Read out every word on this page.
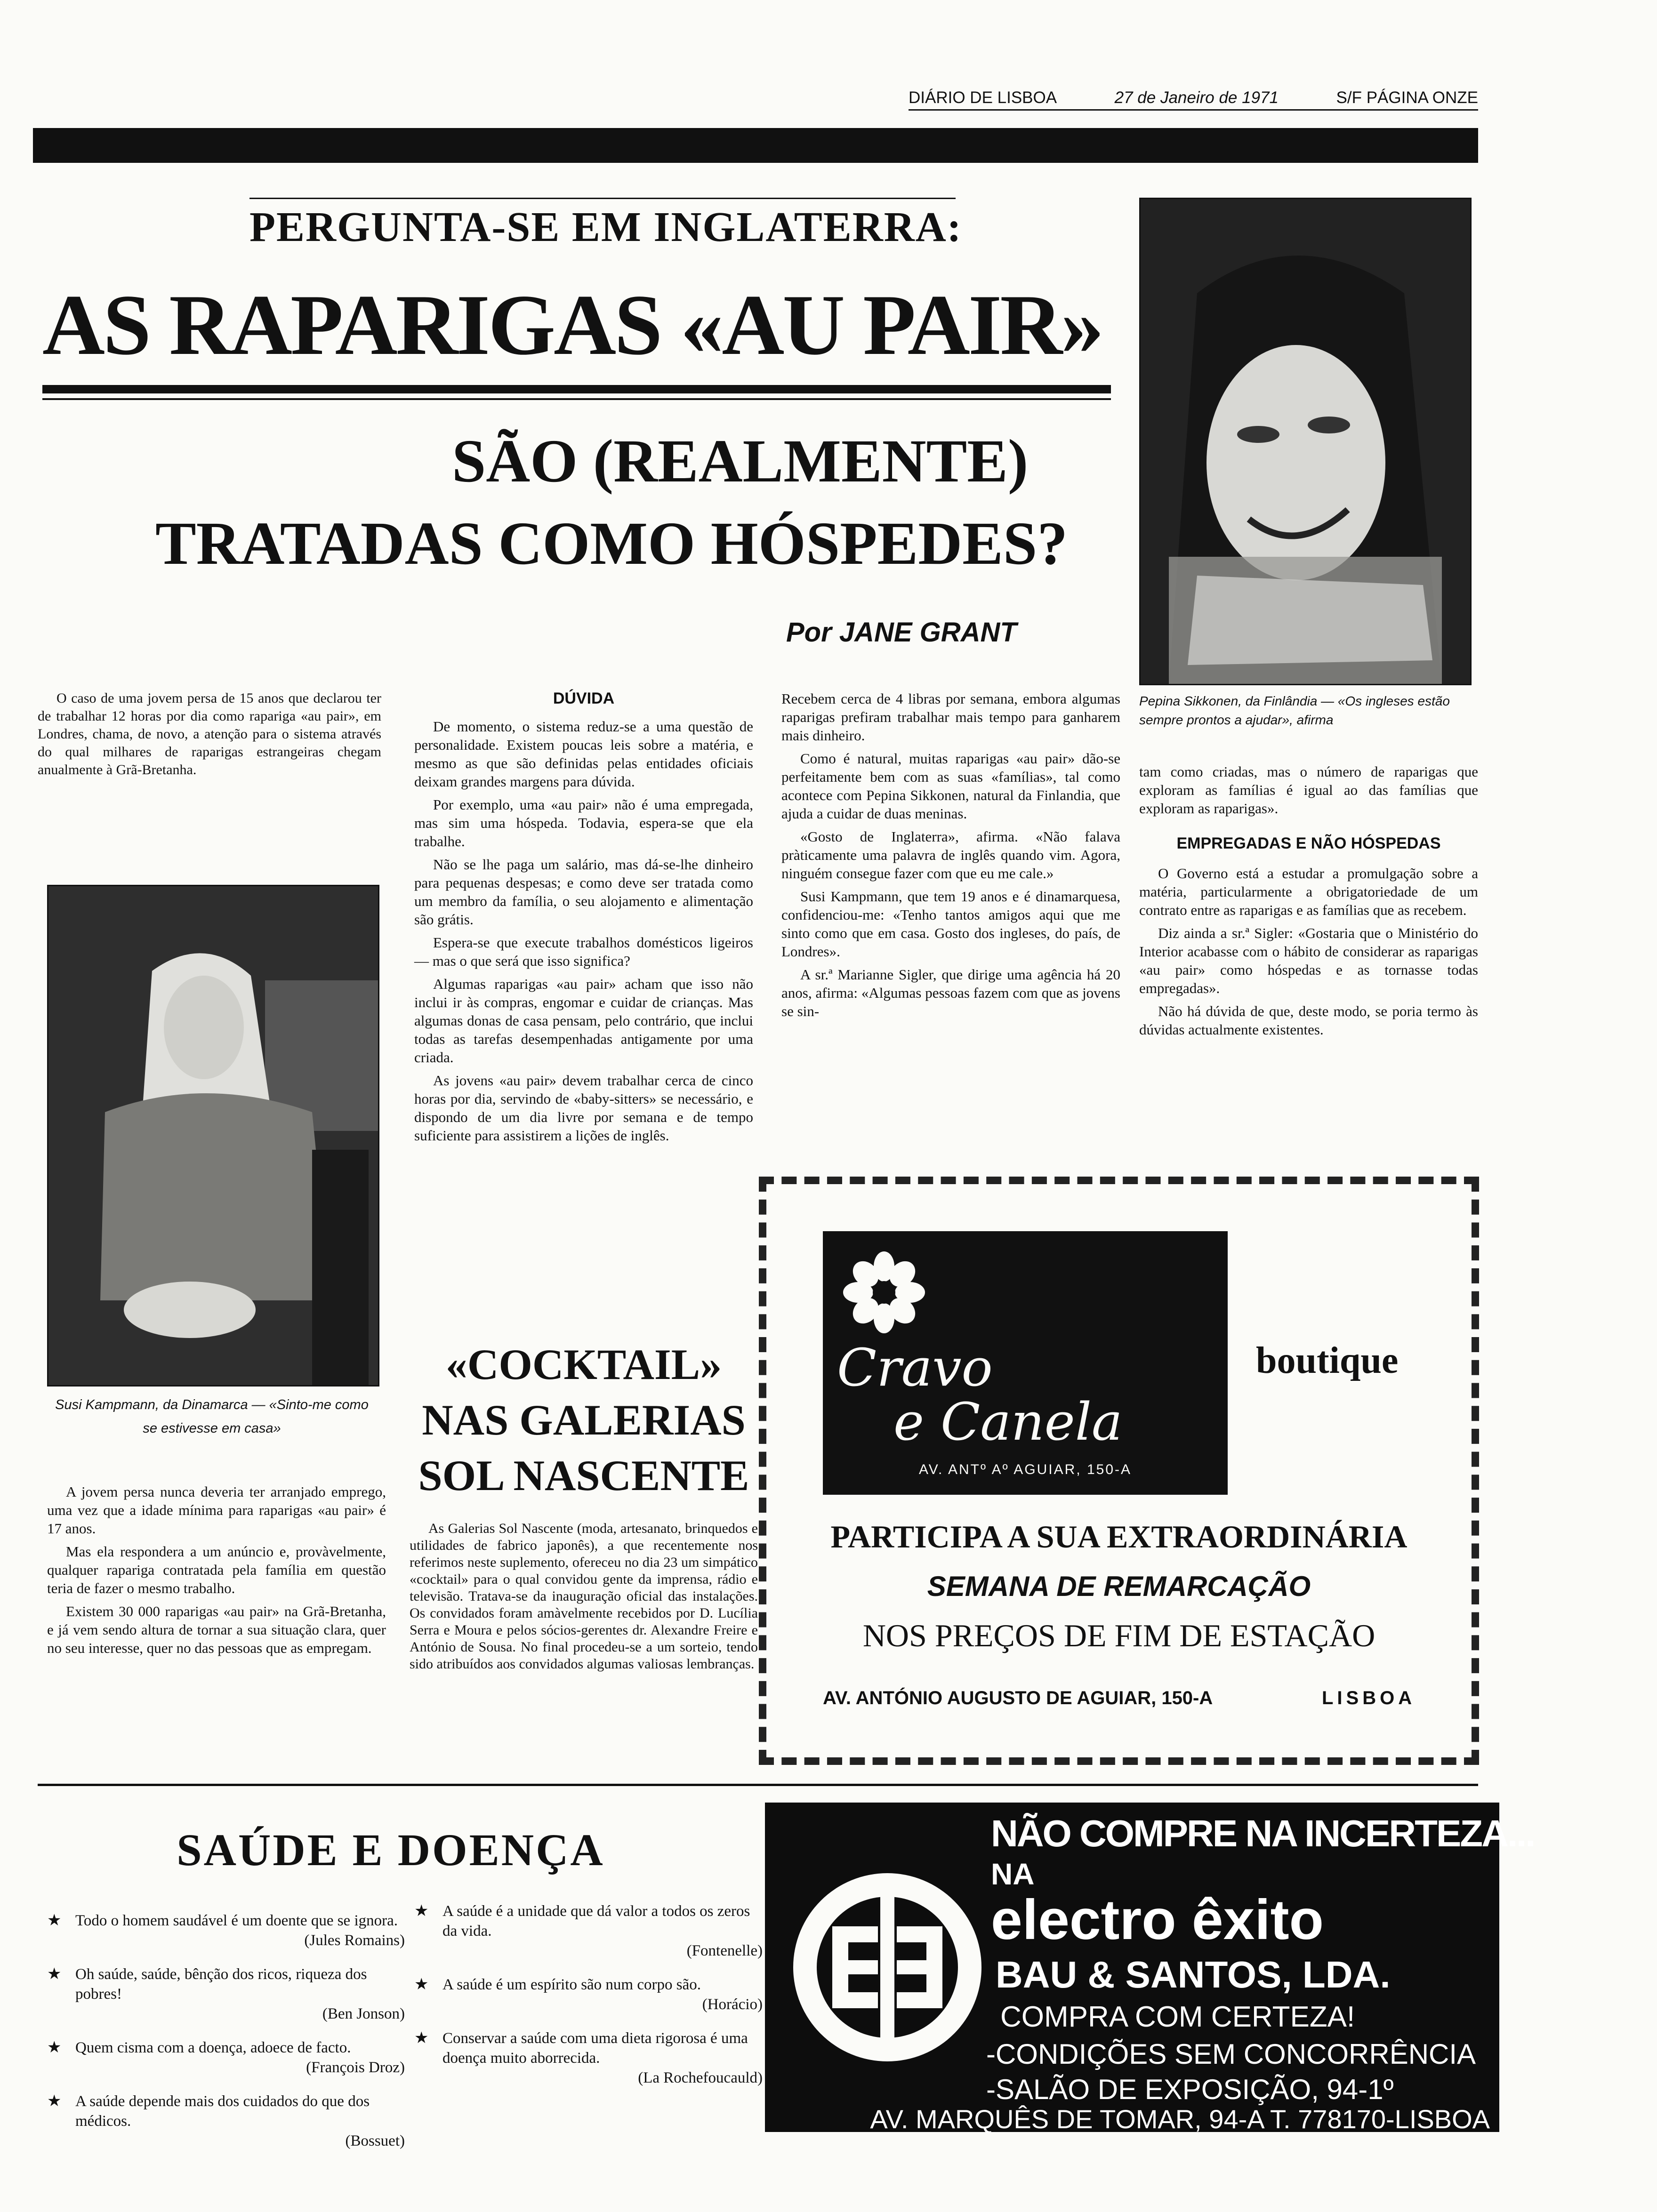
DIÁRIO DE LISBOA	27 de Janeiro de 1971	S/F PÁGINA ONZE
PERGUNTA-SE EM INGLATERRA:
AS RAPARIGAS «AU PAIR»
SÃO (REALMENTE)
TRATADAS COMO HÓSPEDES?
Por JANE GRANT
Pepina Sikkonen, da Finlândia — «Os ingleses estão sempre prontos a ajudar», afirma

O caso de uma jovem persa de 15 anos que declarou ter de trabalhar 12 horas por dia como rapariga «au pair», em Londres, chama, de novo, a atenção para o sistema através do qual milhares de raparigas estrangeiras chegam anualmente à Grã-Bretanha.

Susi Kampmann, da Dinamarca — «Sinto-me como se estivesse em casa»

A jovem persa nunca deveria ter arranjado emprego, uma vez que a idade mínima para raparigas «au pair» é 17 anos.

Mas ela respondera a um anúncio e, provàvelmente, qualquer rapariga contratada pela família em questão teria de fazer o mesmo trabalho.

Existem 30 000 raparigas «au pair» na Grã-Bretanha, e já vem sendo altura de tornar a sua situação clara, quer no seu interesse, quer no das pessoas que as empregam.

DÚVIDA

De momento, o sistema reduz-se a uma questão de personalidade. Existem poucas leis sobre a matéria, e mesmo as que são definidas pelas entidades oficiais deixam grandes margens para dúvida.

Por exemplo, uma «au pair» não é uma empregada, mas sim uma hóspeda. Todavia, espera-se que ela trabalhe.

Não se lhe paga um salário, mas dá-se-lhe dinheiro para pequenas despesas; e como deve ser tratada como um membro da família, o seu alojamento e alimentação são grátis.

Espera-se que execute trabalhos domésticos ligeiros — mas o que será que isso significa?

Algumas raparigas «au pair» acham que isso não inclui ir às compras, engomar e cuidar de crianças. Mas algumas donas de casa pensam, pelo contrário, que inclui todas as tarefas desempenhadas antigamente por uma criada.

As jovens «au pair» devem trabalhar cerca de cinco horas por dia, servindo de «baby-sitters» se necessário, e dispondo de um dia livre por semana e de tempo suficiente para assistirem a lições de inglês.

Recebem cerca de 4 libras por semana, embora algumas raparigas prefiram trabalhar mais tempo para ganharem mais dinheiro.

Como é natural, muitas raparigas «au pair» dão-se perfeitamente bem com as suas «famílias», tal como acontece com Pepina Sikkonen, natural da Finlandia, que ajuda a cuidar de duas meninas.

«Gosto de Inglaterra», afirma. «Não falava pràticamente uma palavra de inglês quando vim. Agora, ninguém consegue fazer com que eu me cale.»

Susi Kampmann, que tem 19 anos e é dinamarquesa, confidenciou-me: «Tenho tantos amigos aqui que me sinto como que em casa. Gosto dos ingleses, do país, de Londres».

A sr.ª Marianne Sigler, que dirige uma agência há 20 anos, afirma: «Algumas pessoas fazem com que as jovens se sin-

tam como criadas, mas o número de raparigas que exploram as famílias é igual ao das famílias que exploram as raparigas».

EMPREGADAS E NÃO HÓSPEDAS

O Governo está a estudar a promulgação sobre a matéria, particularmente a obrigatoriedade de um contrato entre as raparigas e as famílias que as recebem.

Diz ainda a sr.ª Sigler: «Gostaria que o Ministério do Interior acabasse com o hábito de considerar as raparigas «au pair» como hóspedas e as tornasse todas empregadas».

Não há dúvida de que, deste modo, se poria termo às dúvidas actualmente existentes.

«COCKTAIL»
NAS GALERIAS
SOL NASCENTE

As Galerias Sol Nascente (moda, artesanato, brinquedos e utilidades de fabrico japonês), a que recentemente nos referimos neste suplemento, ofereceu no dia 23 um simpático «cocktail» para o qual convidou gente da imprensa, rádio e televisão. Tratava-se da inauguração oficial das instalações. Os convidados foram amàvelmente recebidos por D. Lucília Serra e Moura e pelos sócios-gerentes dr. Alexandre Freire e António de Sousa. No final procedeu-se a um sorteio, tendo sido atribuídos aos convidados algumas valiosas lembranças.

Cravo
e Canela
AV. ANTº Aº AGUIAR, 150-A
boutique
PARTICIPA A SUA EXTRAORDINÁRIA
SEMANA DE REMARCAÇÃO
NOS PREÇOS DE FIM DE ESTAÇÃO
AV. ANTÓNIO AUGUSTO DE AGUIAR, 150-A	LISBOA
SAÚDE E DOENÇA
★ Todo o homem saudável é um doente que se ignora.
(Jules Romains)
★ Oh saúde, saúde, bênção dos ricos, riqueza dos pobres!
(Ben Jonson)
★ Quem cisma com a doença, adoece de facto.
(François Droz)
★ A saúde depende mais dos cuidados do que dos médicos.
(Bossuet)
★ A saúde é a unidade que dá valor a todos os zeros da vida.
(Fontenelle)
★ A saúde é um espírito são num corpo são.
(Horácio)
★ Conservar a saúde com uma dieta rigorosa é uma doença muito aborrecida.
(La Rochefoucauld)
NÃO COMPRE NA INCERTEZA...
NA
electro êxito
BAU & SANTOS, LDA.
COMPRA COM CERTEZA!
-CONDIÇÕES SEM CONCORRÊNCIA
-SALÃO DE EXPOSIÇÃO, 94-1º
AV. MARQUÊS DE TOMAR, 94-A T. 778170-LISBOA
